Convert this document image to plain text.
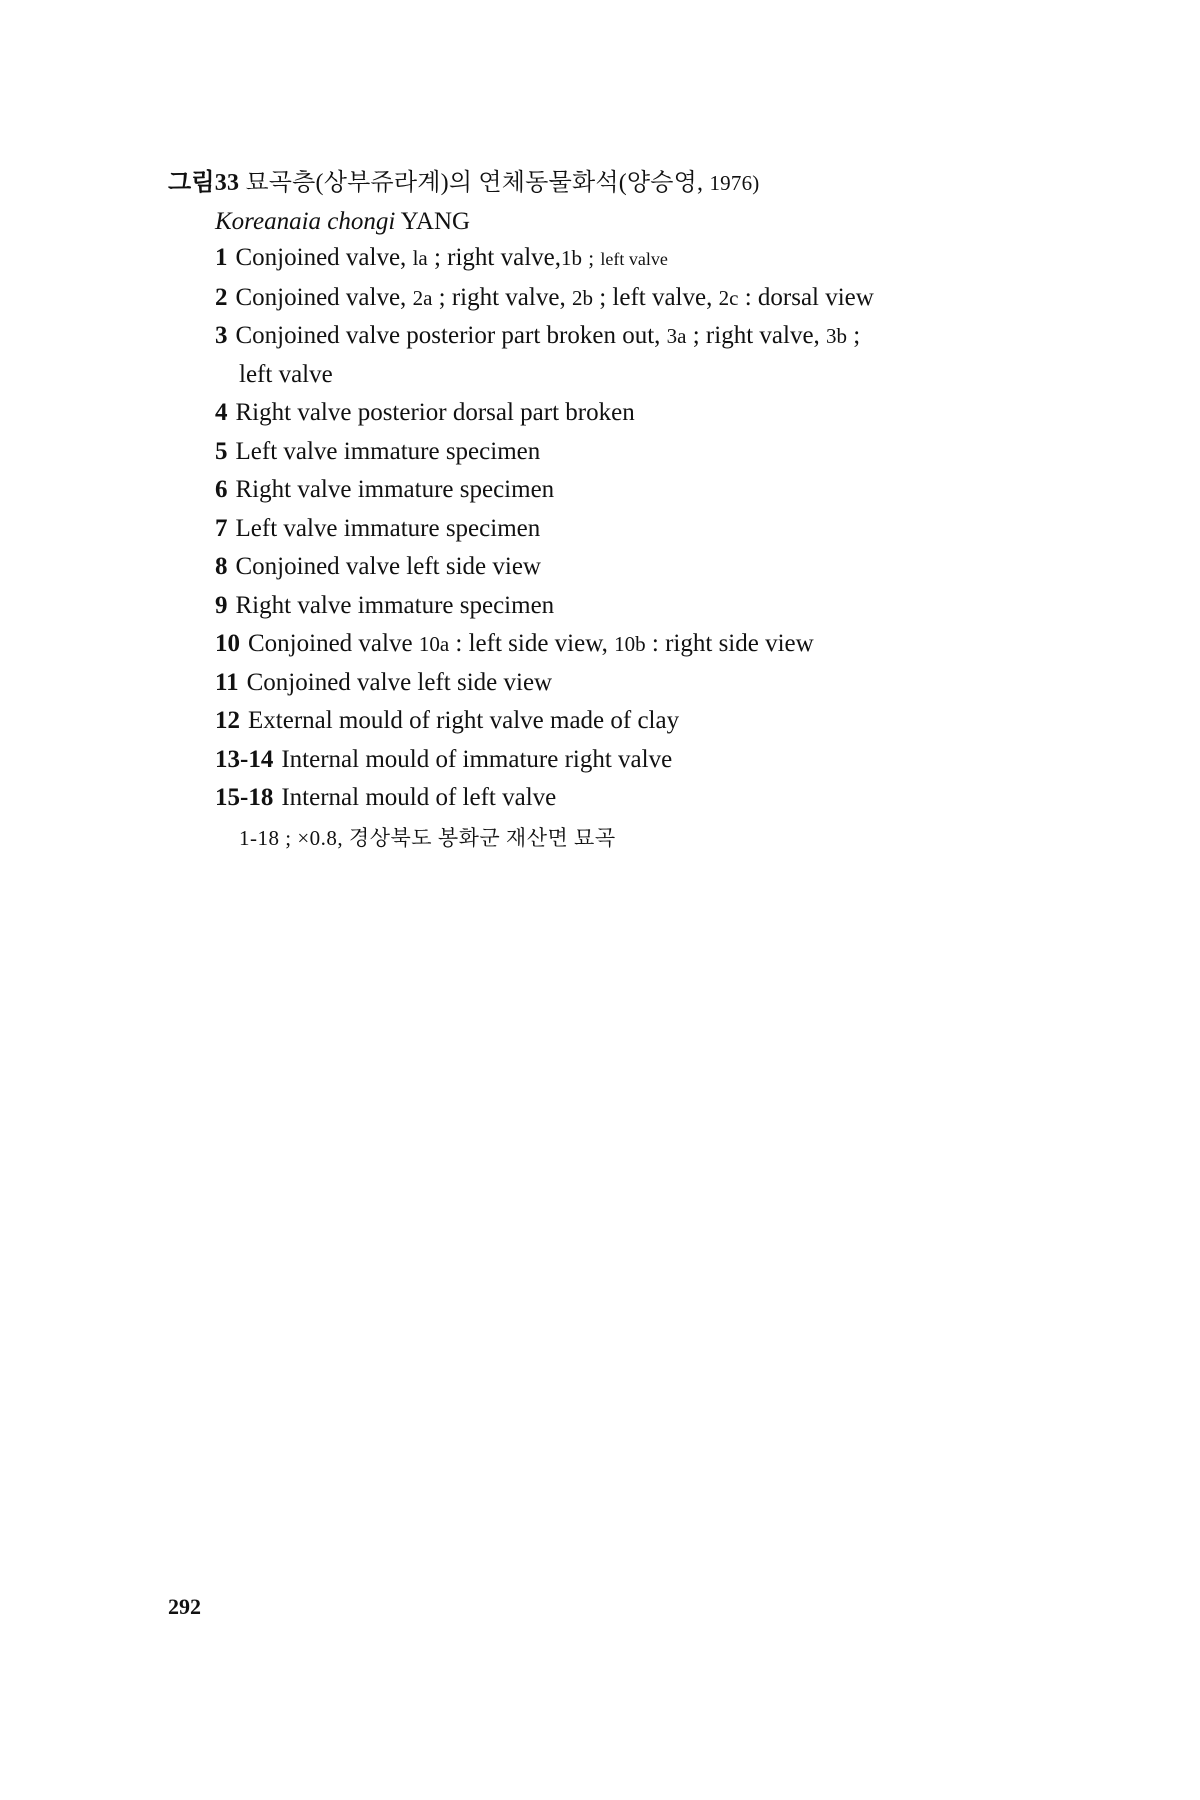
그림33 묘곡층(상부쥬라계)의 연체동물화석(양승영, 1976)

Koreanaia chongi YANG

1 Conjoined valve, la ; right valve,1b ; left valve

2 Conjoined valve, 2a ; right valve, 2b ; left valve, 2c : dorsal view

3 Conjoined valve posterior part broken out, 3a ; right valve, 3b ;

left valve

4 Right valve posterior dorsal part broken

5 Left valve immature specimen

6 Right valve immature specimen

7 Left valve immature specimen

8 Conjoined valve left side view

9 Right valve immature specimen

10 Conjoined valve 10a : left side view, 10b : right side view

11 Conjoined valve left side view

12 External mould of right valve made of clay

13-14 Internal mould of immature right valve

15-18 Internal mould of left valve

1-18 ; ×0.8, 경상북도 봉화군 재산면 묘곡

292
